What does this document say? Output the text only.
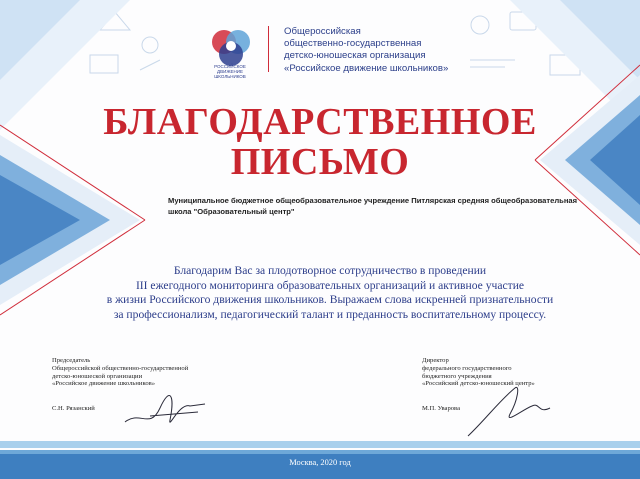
РОССИЙСКОЕ
ДВИЖЕНИЕ
ШКОЛЬНИКОВ
Общероссийская
общественно-государственная
детско-юношеская организация
«Российское движение школьников»
БЛАГОДАРСТВЕННОЕ
ПИСЬМО
Муниципальное бюджетное общеобразовательное учреждение Питлярская средняя общеобразовательная
школа "Образовательный центр"
Благодарим Вас за плодотворное сотрудничество в проведении
III ежегодного мониторинга образовательных организаций и активное участие
в жизни Российского движения школьников. Выражаем слова искренней признательности
за профессионализм, педагогический талант и преданность воспитательному процессу.
Председатель
Общероссийской общественно-государственной
детско-юношеской организации
«Российское движение школьников»
С.Н. Рязанский
Директор
федерального государственного
бюджетного учреждения
«Российский детско-юношеский центр»
М.П. Уварова
Москва, 2020 год
